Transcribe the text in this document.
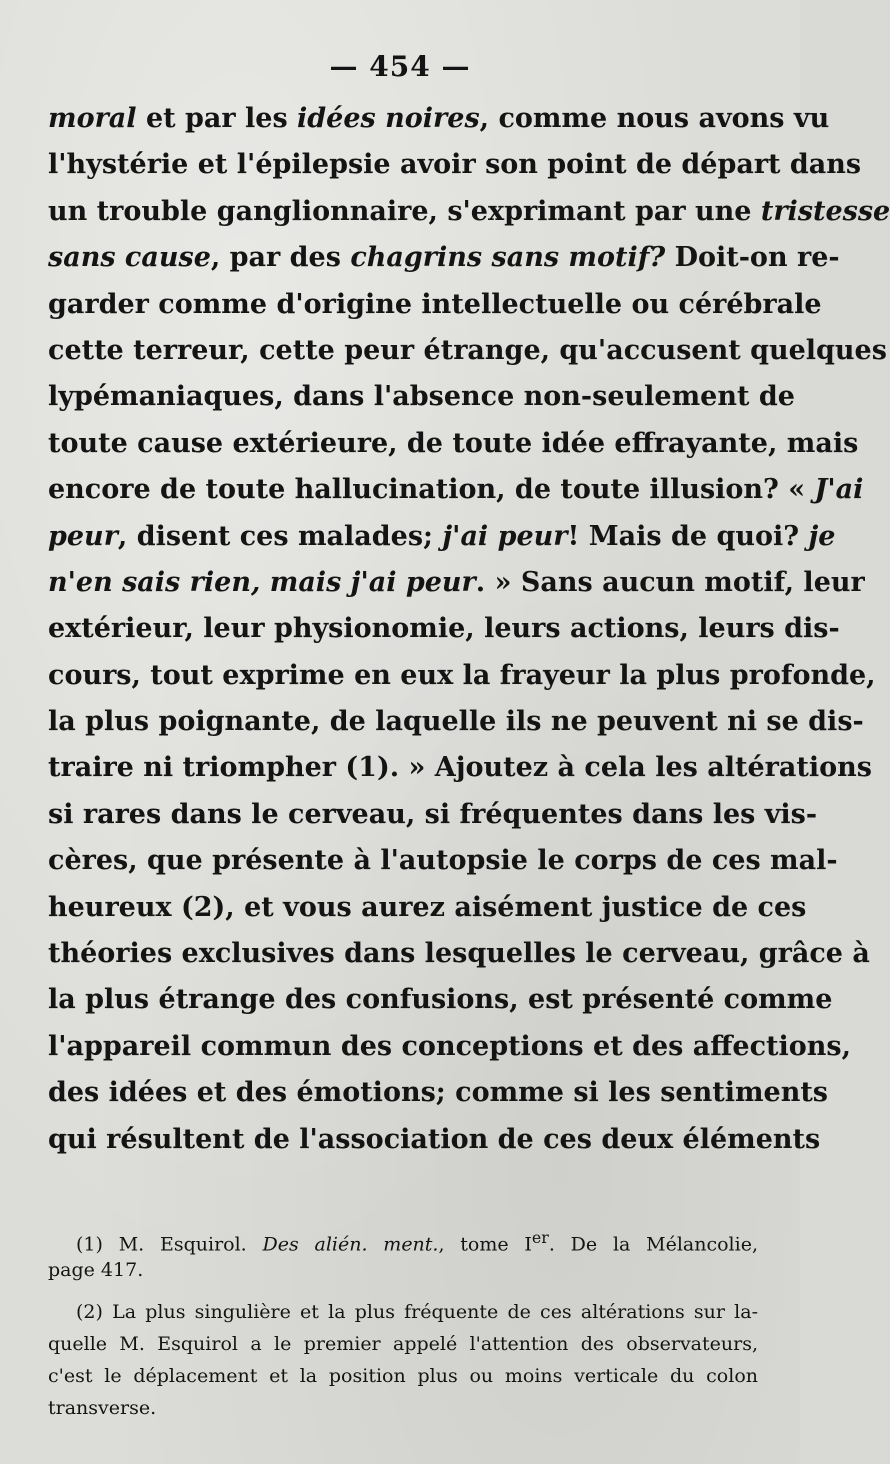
— 454 —
moral et par les idées noires, comme nous avons vu
l'hystérie et l'épilepsie avoir son point de départ dans
un trouble ganglionnaire, s'exprimant par une tristesse
sans cause, par des chagrins sans motif? Doit-on re-
garder comme d'origine intellectuelle ou cérébrale
cette terreur, cette peur étrange, qu'accusent quelques
lypémaniaques, dans l'absence non-seulement de
toute cause extérieure, de toute idée effrayante, mais
encore de toute hallucination, de toute illusion? « J'ai
peur, disent ces malades; j'ai peur! Mais de quoi? je
n'en sais rien, mais j'ai peur. » Sans aucun motif, leur
extérieur, leur physionomie, leurs actions, leurs dis-
cours, tout exprime en eux la frayeur la plus profonde,
la plus poignante, de laquelle ils ne peuvent ni se dis-
traire ni triompher (1). » Ajoutez à cela les altérations
si rares dans le cerveau, si fréquentes dans les vis-
cères, que présente à l'autopsie le corps de ces mal-
heureux (2), et vous aurez aisément justice de ces
théories exclusives dans lesquelles le cerveau, grâce à
la plus étrange des confusions, est présenté comme
l'appareil commun des conceptions et des affections,
des idées et des émotions; comme si les sentiments
qui résultent de l'association de ces deux éléments
(1) M. Esquirol. Des alién. ment., tome Ier. De la Mélancolie,
page 417.
(2) La plus singulière et la plus fréquente de ces altérations sur la-
quelle M. Esquirol a le premier appelé l'attention des observateurs,
c'est le déplacement et la position plus ou moins verticale du colon
transverse.
